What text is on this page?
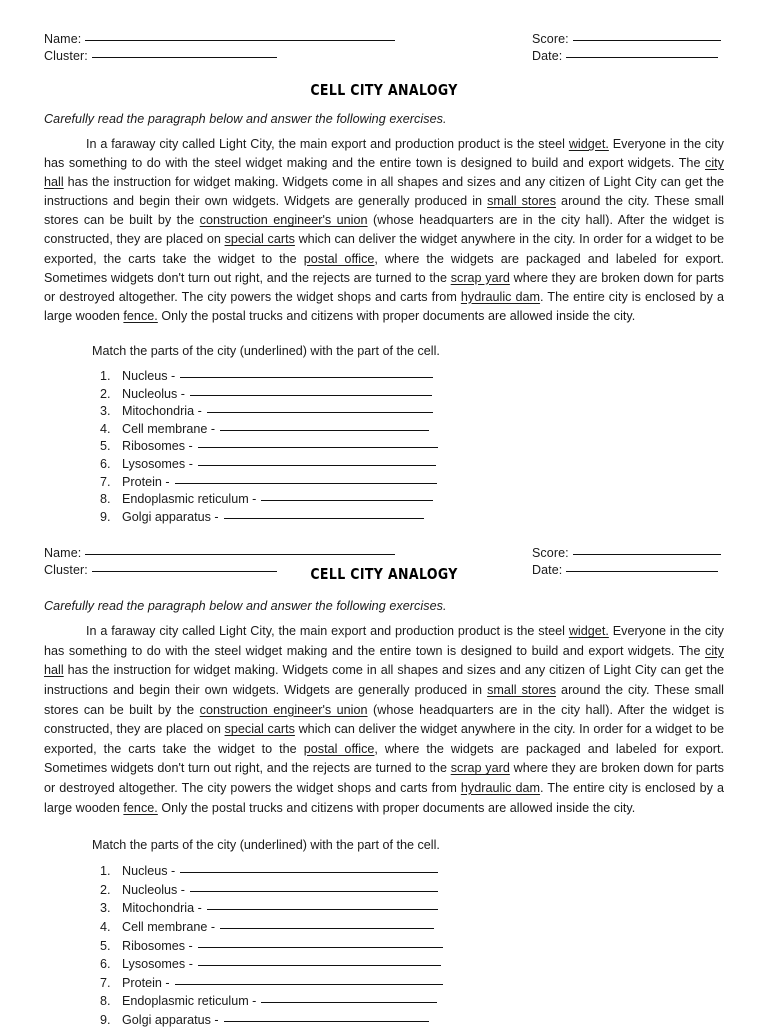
Name:
Cluster:
Score:
Date:
CELL CITY ANALOGY

Carefully read the paragraph below and answer the following exercises.

In a faraway city called Light City, the main export and production product is the steel widget. Everyone in the city has something to do with the steel widget making and the entire town is designed to build and export widgets. The city hall has the instruction for widget making. Widgets come in all shapes and sizes and any citizen of Light City can get the instructions and begin their own widgets. Widgets are generally produced in small stores around the city. These small stores can be built by the construction engineer's union (whose headquarters are in the city hall). After the widget is constructed, they are placed on special carts which can deliver the widget anywhere in the city. In order for a widget to be exported, the carts take the widget to the postal office, where the widgets are packaged and labeled for export. Sometimes widgets don't turn out right, and the rejects are turned to the scrap yard where they are broken down for parts or destroyed altogether. The city powers the widget shops and carts from hydraulic dam. The entire city is enclosed by a large wooden fence. Only the postal trucks and citizens with proper documents are allowed inside the city.

Match the parts of the city (underlined) with the part of the cell.

1. Nucleus -
2. Nucleolus -
3. Mitochondria -
4. Cell membrane -
5. Ribosomes -
6. Lysosomes -
7. Protein -
8. Endoplasmic reticulum -
9. Golgi apparatus -
Name:
Cluster:
Score:
Date:
CELL CITY ANALOGY

Carefully read the paragraph below and answer the following exercises.

In a faraway city called Light City, the main export and production product is the steel widget. Everyone in the city has something to do with the steel widget making and the entire town is designed to build and export widgets. The city hall has the instruction for widget making. Widgets come in all shapes and sizes and any citizen of Light City can get the instructions and begin their own widgets. Widgets are generally produced in small stores around the city. These small stores can be built by the construction engineer's union (whose headquarters are in the city hall). After the widget is constructed, they are placed on special carts which can deliver the widget anywhere in the city. In order for a widget to be exported, the carts take the widget to the postal office, where the widgets are packaged and labeled for export. Sometimes widgets don't turn out right, and the rejects are turned to the scrap yard where they are broken down for parts or destroyed altogether. The city powers the widget shops and carts from hydraulic dam. The entire city is enclosed by a large wooden fence. Only the postal trucks and citizens with proper documents are allowed inside the city.

Match the parts of the city (underlined) with the part of the cell.

1. Nucleus -
2. Nucleolus -
3. Mitochondria -
4. Cell membrane -
5. Ribosomes -
6. Lysosomes -
7. Protein -
8. Endoplasmic reticulum -
9. Golgi apparatus -
